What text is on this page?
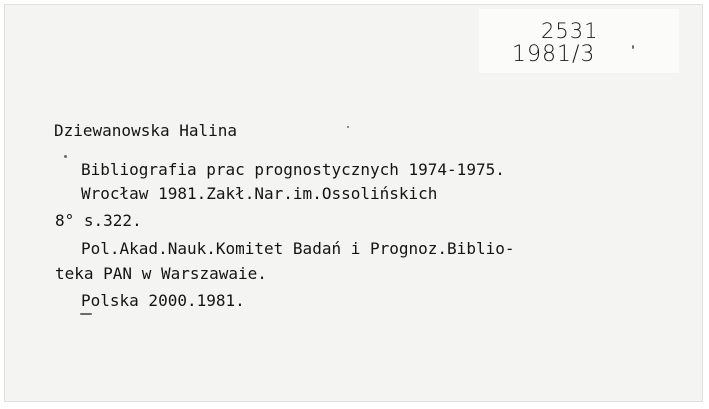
2531
1981/3
Dziewanowska Halina
Bibliografia prac prognostycznych 1974-1975.
Wrocław 1981.Zakł.Nar.im.Ossolińskich
8° s.322.
Pol.Akad.Nauk.Komitet Badań i Prognoz.Biblio-
teka PAN w Warszawaie.
Polska 2000.1981.
